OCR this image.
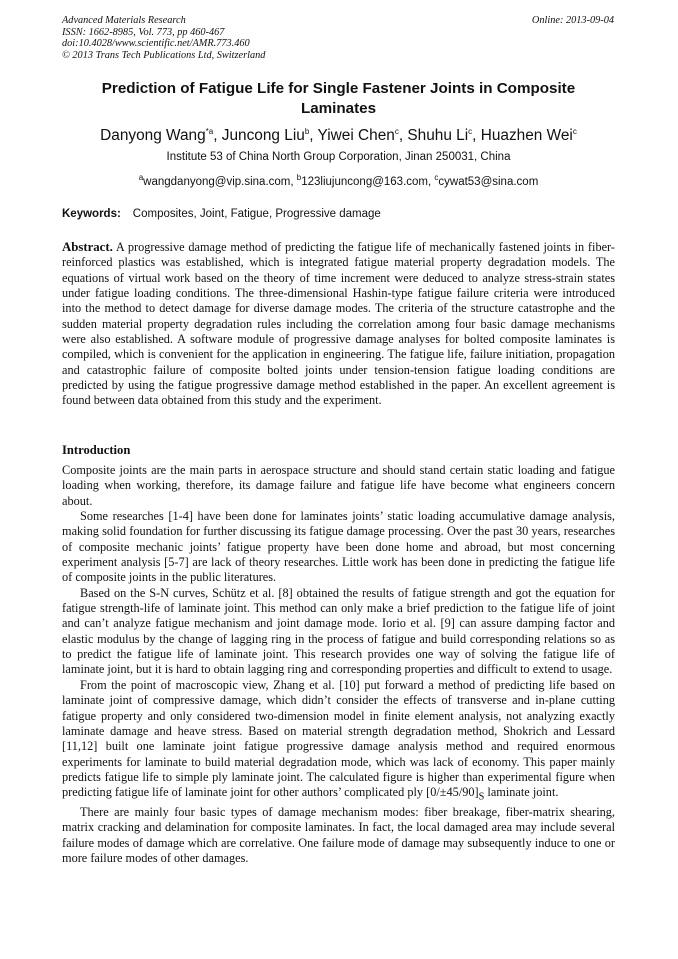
Advanced Materials Research
ISSN: 1662-8985, Vol. 773, pp 460-467
doi:10.4028/www.scientific.net/AMR.773.460
© 2013 Trans Tech Publications Ltd, Switzerland
Online: 2013-09-04
Prediction of Fatigue Life for Single Fastener Joints in Composite
Laminates
Danyong Wang$^{*a}$, Juncong Liu$^b$, Yiwei Chen$^c$, Shuhu Li$^c$, Huazhen Wei$^c$
Institute 53 of China North Group Corporation, Jinan 250031, China
$^a$wangdanyong@vip.sina.com, $^b$123liujuncong@163.com, $^c$cywat53@sina.com
Keywords: Composites, Joint, Fatigue, Progressive damage
Abstract. A progressive damage method of predicting the fatigue life of mechanically fastened joints in fiber-reinforced plastics was established, which is integrated fatigue material property degradation models. The equations of virtual work based on the theory of time increment were deduced to analyze stress-strain states under fatigue loading conditions. The three-dimensional Hashin-type fatigue failure criteria were introduced into the method to detect damage for diverse damage modes. The criteria of the structure catastrophe and the sudden material property degradation rules including the correlation among four basic damage mechanisms were also established. A software module of progressive damage analyses for bolted composite laminates is compiled, which is convenient for the application in engineering. The fatigue life, failure initiation, propagation and catastrophic failure of composite bolted joints under tension-tension fatigue loading conditions are predicted by using the fatigue progressive damage method established in the paper. An excellent agreement is found between data obtained from this study and the experiment.
Introduction

Composite joints are the main parts in aerospace structure and should stand certain static loading and fatigue loading when working, therefore, its damage failure and fatigue life have become what engineers concern about.

Some researches [1-4] have been done for laminates joints’ static loading accumulative damage analysis, making solid foundation for further discussing its fatigue damage processing. Over the past 30 years, researches of composite mechanic joints’ fatigue property have been done home and abroad, but most concerning experiment analysis [5-7] are lack of theory researches. Little work has been done in predicting the fatigue life of composite joints in the public literatures.

Based on the S-N curves, Schütz et al. [8] obtained the results of fatigue strength and got the equation for fatigue strength-life of laminate joint. This method can only make a brief prediction to the fatigue life of joint and can’t analyze fatigue mechanism and joint damage mode. Iorio et al. [9] can assure damping factor and elastic modulus by the change of lagging ring in the process of fatigue and build corresponding relations so as to predict the fatigue life of laminate joint. This research provides one way of solving the fatigue life of laminate joint, but it is hard to obtain lagging ring and corresponding properties and difficult to extend to usage.

From the point of macroscopic view, Zhang et al. [10] put forward a method of predicting life based on laminate joint of compressive damage, which didn’t consider the effects of transverse and in-plane cutting fatigue property and only considered two-dimension model in finite element analysis, not analyzing exactly laminate damage and heave stress. Based on material strength degradation method, Shokrich and Lessard [11,12] built one laminate joint fatigue progressive damage analysis method and required enormous experiments for laminate to build material degradation mode, which was lack of economy. This paper mainly predicts fatigue life to simple ply laminate joint. The calculated figure is higher than experimental figure when predicting fatigue life of laminate joint for other authors’ complicated ply $[0/\pm 45/90]_S$ laminate joint.

There are mainly four basic types of damage mechanism modes: fiber breakage, fiber-matrix shearing, matrix cracking and delamination for composite laminates. In fact, the local damaged area may include several failure modes of damage which are correlative. One failure mode of damage may subsequently induce to one or more failure modes of other damages.
